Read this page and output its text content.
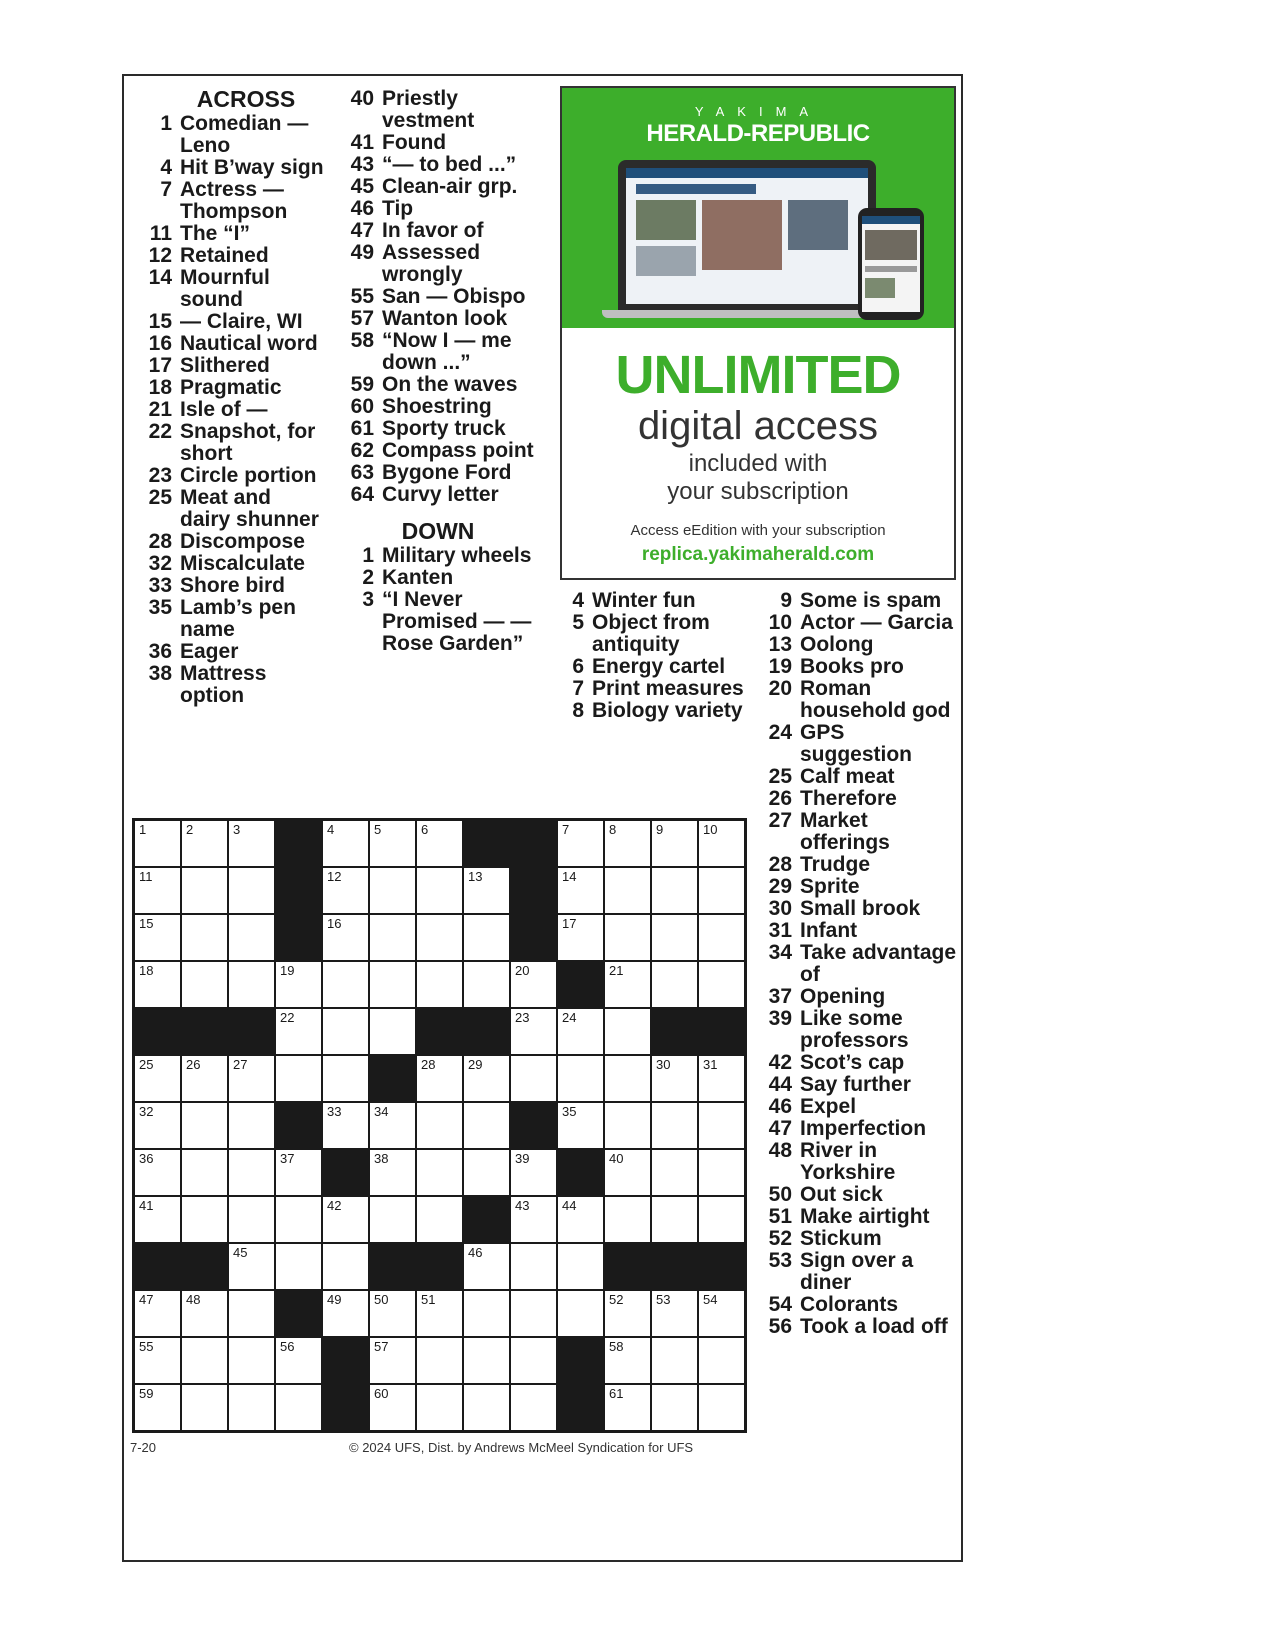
ACROSS
1 Comedian — Leno
4 Hit B’way sign
7 Actress — Thompson
11 The “I”
12 Retained
14 Mournful sound
15 — Claire, WI
16 Nautical word
17 Slithered
18 Pragmatic
21 Isle of —
22 Snapshot, for short
23 Circle portion
25 Meat and dairy shunner
28 Discompose
32 Miscalculate
33 Shore bird
35 Lamb’s pen name
36 Eager
38 Mattress option
40 Priestly vestment
41 Found
43 “— to bed ...”
45 Clean-air grp.
46 Tip
47 In favor of
49 Assessed wrongly
55 San — Obispo
57 Wanton look
58 “Now I — me down ...”
59 On the waves
60 Shoestring
61 Sporty truck
62 Compass point
63 Bygone Ford
64 Curvy letter
DOWN
1 Military wheels
2 Kanten
3 “I Never Promised — — Rose Garden”
4 Winter fun
5 Object from antiquity
6 Energy cartel
7 Print measures
8 Biology variety
9 Some is spam
10 Actor — Garcia
13 Oolong
19 Books pro
20 Roman household god
24 GPS suggestion
25 Calf meat
26 Therefore
27 Market offerings
28 Trudge
29 Sprite
30 Small brook
31 Infant
34 Take advantage of
37 Opening
39 Like some professors
42 Scot’s cap
44 Say further
46 Expel
47 Imperfection
48 River in Yorkshire
50 Out sick
51 Make airtight
52 Stickum
53 Sign over a diner
54 Colorants
56 Took a load off
YAKIMA
HERALD-REPUBLIC
UNLIMITED
digital access
included with
your subscription
Access eEdition with your subscription
replica.yakimaherald.com
1	2	3	4	5	6	7	8	9	10
11	12	13	14
15	16	17
18	19	20	21
22	23	24
25	26	27	28	29	30	31
32	33	34	35
36	37	38	39	40
41	42	43	44
45	46
47	48	49	50	51	52	53	54
55	56	57	58
59	60	61
7-20	© 2024 UFS, Dist. by Andrews McMeel Syndication for UFS
